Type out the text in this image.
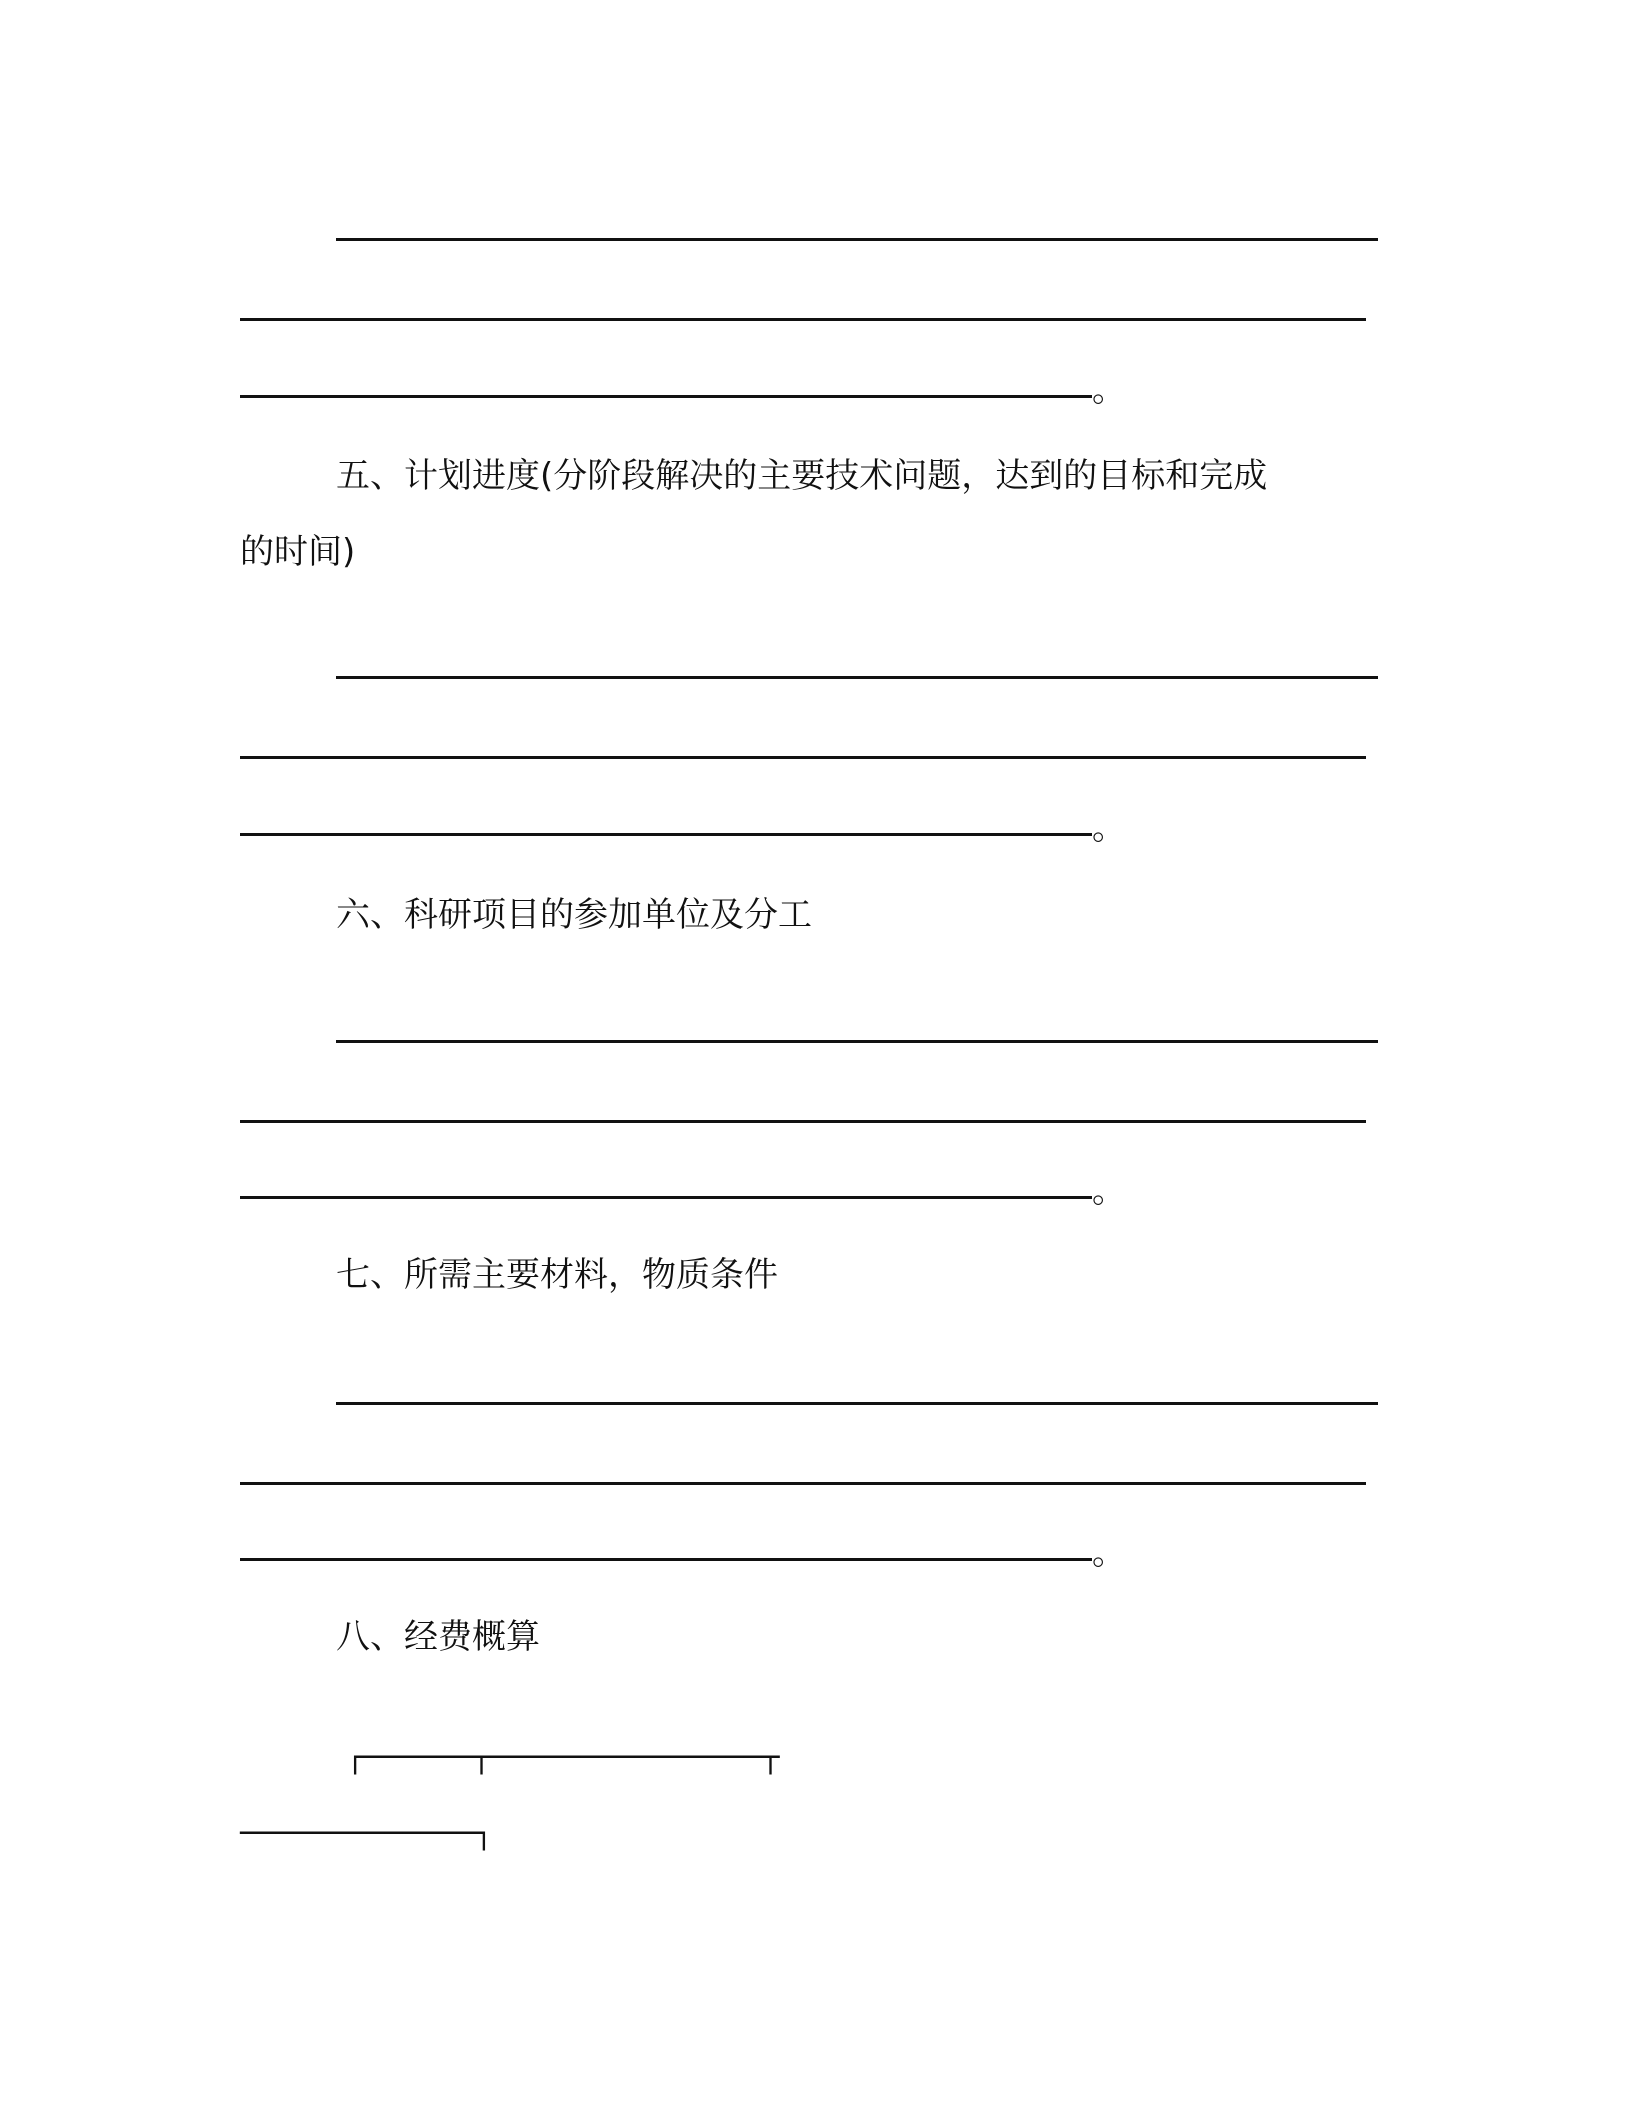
。
五、计划进度(分阶段解决的主要技术问题，达到的目标和完成
的时间)
。
六、科研项目的参加单位及分工
。
七、所需主要材料，物质条件
。
八、经费概算
┌──────┬───────────────┬
─────────────┐
